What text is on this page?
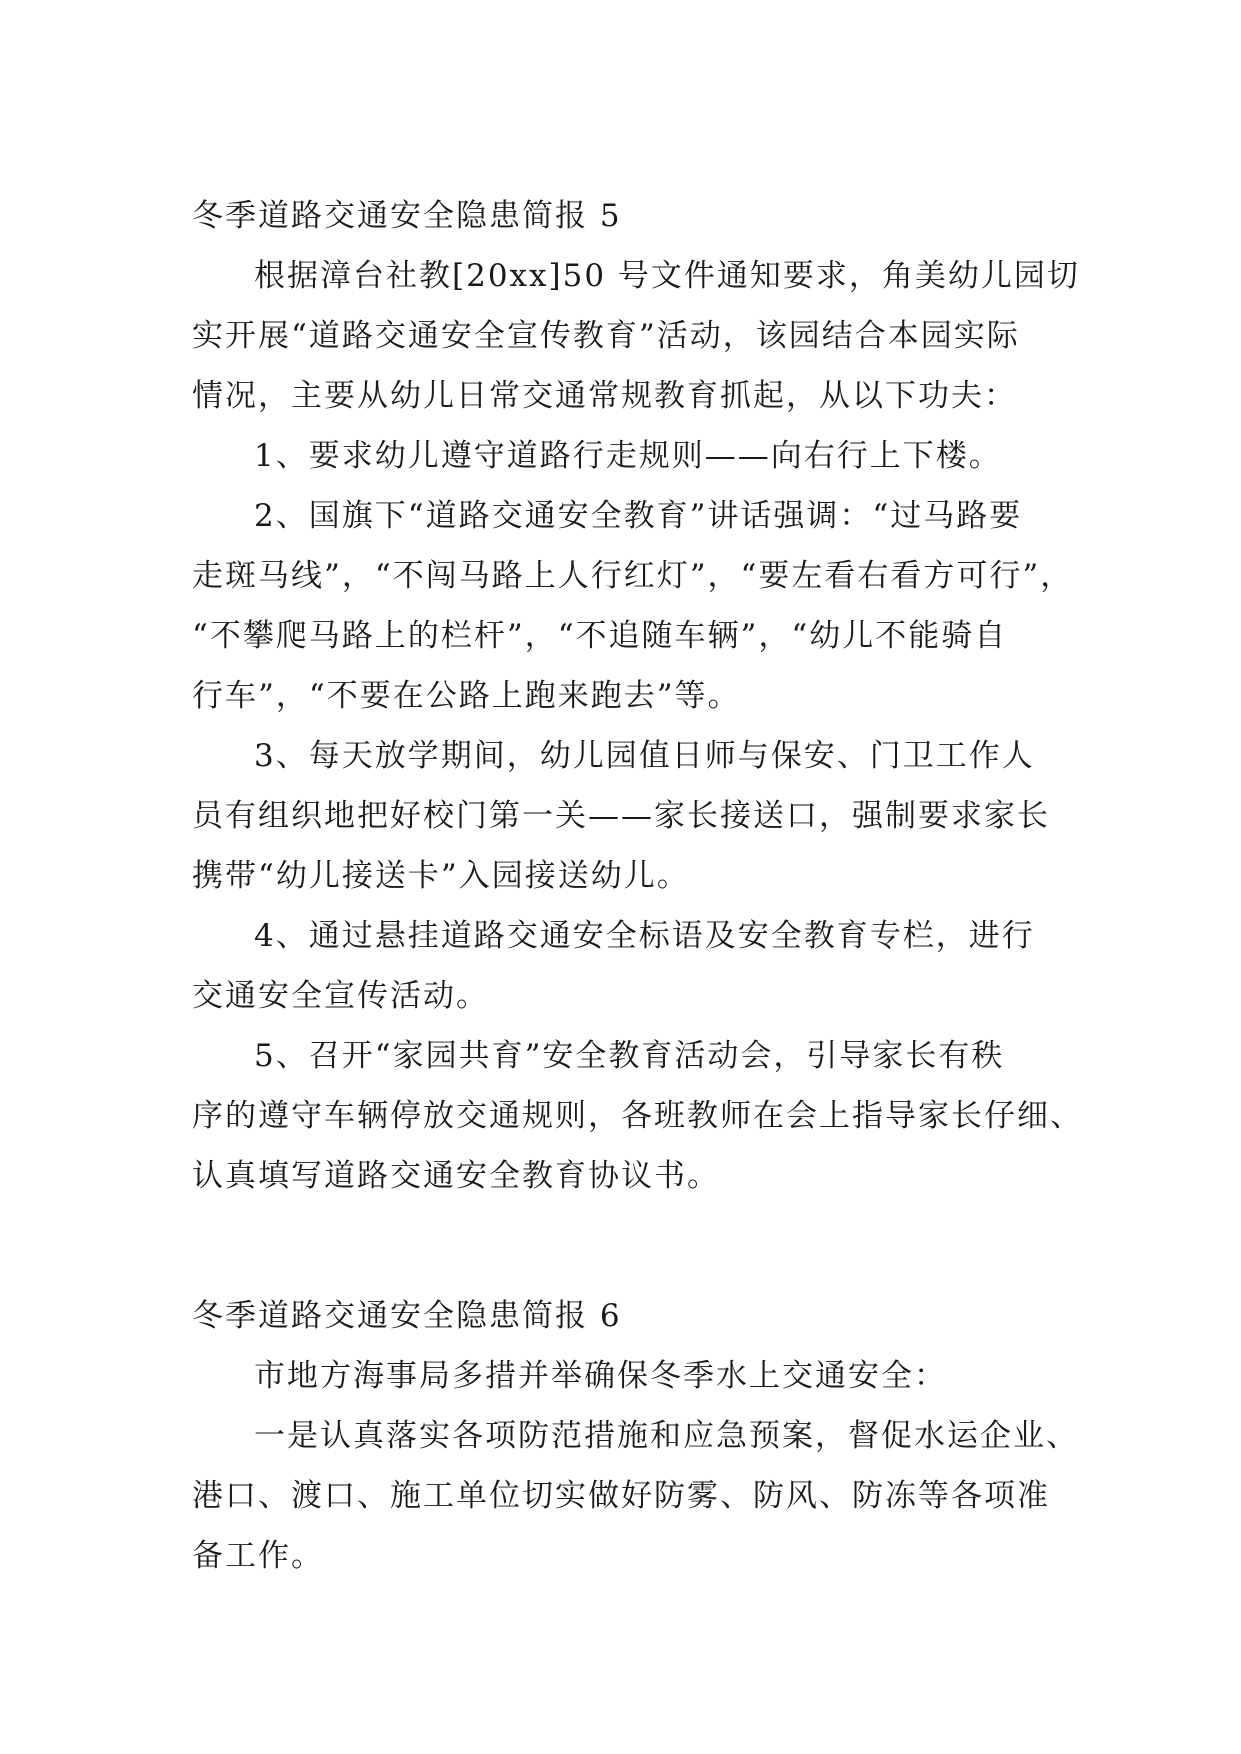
冬季道路交通安全隐患简报 5

根据漳台社教[20xx]50 号文件通知要求，角美幼儿园切

实开展“道路交通安全宣传教育”活动，该园结合本园实际

情况，主要从幼儿日常交通常规教育抓起，从以下功夫：

1、要求幼儿遵守道路行走规则——向右行上下楼。

2、国旗下“道路交通安全教育”讲话强调：“过马路要

走斑马线”，“不闯马路上人行红灯”，“要左看右看方可行”，

“不攀爬马路上的栏杆”，“不追随车辆”，“幼儿不能骑自

行车”，“不要在公路上跑来跑去”等。

3、每天放学期间，幼儿园值日师与保安、门卫工作人

员有组织地把好校门第一关——家长接送口，强制要求家长

携带“幼儿接送卡”入园接送幼儿。

4、通过悬挂道路交通安全标语及安全教育专栏，进行

交通安全宣传活动。

5、召开“家园共育”安全教育活动会，引导家长有秩

序的遵守车辆停放交通规则，各班教师在会上指导家长仔细、

认真填写道路交通安全教育协议书。

冬季道路交通安全隐患简报 6

市地方海事局多措并举确保冬季水上交通安全：

一是认真落实各项防范措施和应急预案，督促水运企业、

港口、渡口、施工单位切实做好防雾、防风、防冻等各项准

备工作。
